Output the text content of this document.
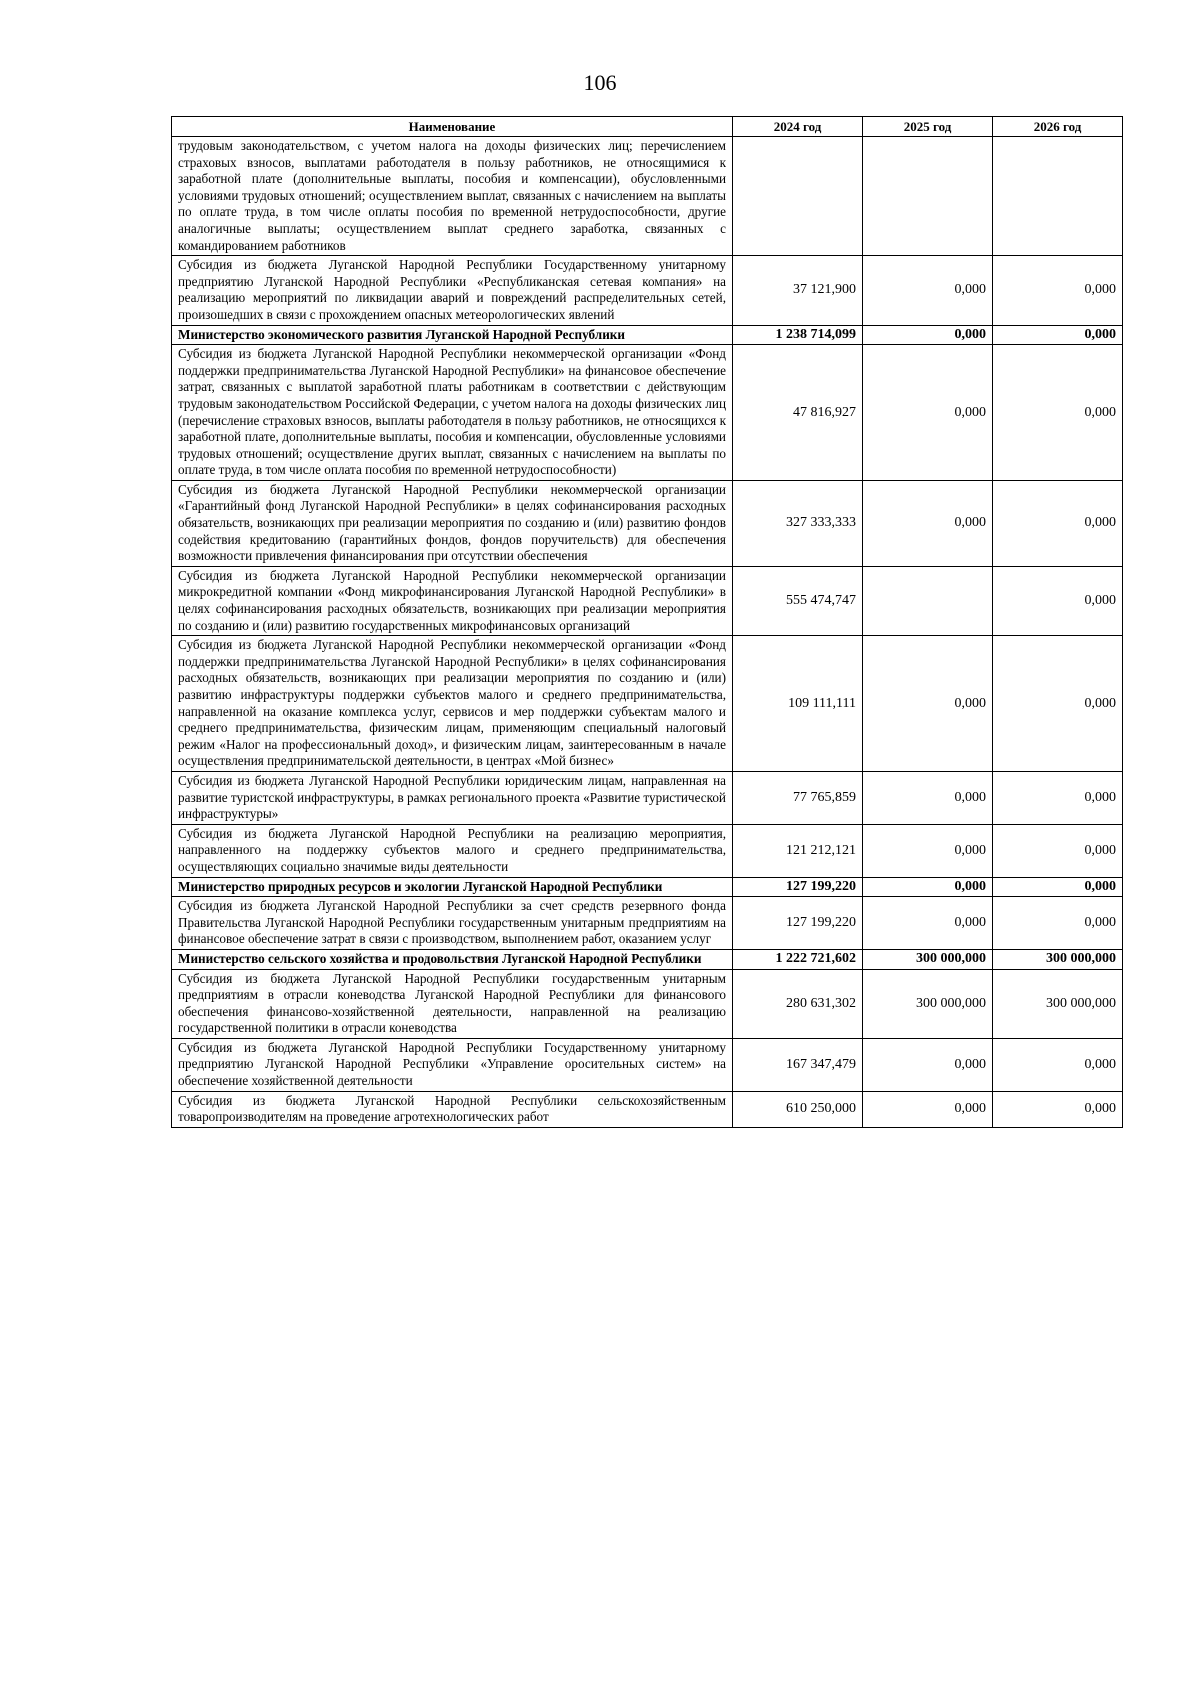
106
Наименование	2024 год	2025 год	2026 год
трудовым законодательством, с учетом налога на доходы физических лиц; перечислением страховых взносов, выплатами работодателя в пользу работников, не относящимися к заработной плате (дополнительные выплаты, пособия и компенсации), обусловленными условиями трудовых отношений; осуществлением выплат, связанных с начислением на выплаты по оплате труда, в том числе оплаты пособия по временной нетрудоспособности, другие аналогичные выплаты; осуществлением выплат среднего заработка, связанных с командированием работников			
Субсидия из бюджета Луганской Народной Республики Государственному унитарному предприятию Луганской Народной Республики «Республиканская сетевая компания» на реализацию мероприятий по ликвидации аварий и повреждений распределительных сетей, произошедших в связи с прохождением опасных метеорологических явлений	37 121,900	0,000	0,000
Министерство экономического развития Луганской Народной Республики	1 238 714,099	0,000	0,000
Субсидия из бюджета Луганской Народной Республики некоммерческой организации «Фонд поддержки предпринимательства Луганской Народной Республики» на финансовое обеспечение затрат, связанных с выплатой заработной платы работникам в соответствии с действующим трудовым законодательством Российской Федерации, с учетом налога на доходы физических лиц (перечисление страховых взносов, выплаты работодателя в пользу работников, не относящихся к заработной плате, дополнительные выплаты, пособия и компенсации, обусловленные условиями трудовых отношений; осуществление других выплат, связанных с начислением на выплаты по оплате труда, в том числе оплата пособия по временной нетрудоспособности)	47 816,927	0,000	0,000
Субсидия из бюджета Луганской Народной Республики некоммерческой организации «Гарантийный фонд Луганской Народной Республики» в целях софинансирования расходных обязательств, возникающих при реализации мероприятия по созданию и (или) развитию фондов содействия кредитованию (гарантийных фондов, фондов поручительств) для обеспечения возможности привлечения финансирования при отсутствии обеспечения	327 333,333	0,000	0,000
Субсидия из бюджета Луганской Народной Республики некоммерческой организации микрокредитной компании «Фонд микрофинансирования Луганской Народной Республики» в целях софинансирования расходных обязательств, возникающих при реализации мероприятия по созданию и (или) развитию государственных микрофинансовых организаций	555 474,747		0,000
Субсидия из бюджета Луганской Народной Республики некоммерческой организации «Фонд поддержки предпринимательства Луганской Народной Республики» в целях софинансирования расходных обязательств, возникающих при реализации мероприятия по созданию и (или) развитию инфраструктуры поддержки субъектов малого и среднего предпринимательства, направленной на оказание комплекса услуг, сервисов и мер поддержки субъектам малого и среднего предпринимательства, физическим лицам, применяющим специальный налоговый режим «Налог на профессиональный доход», и физическим лицам, заинтересованным в начале осуществления предпринимательской деятельности, в центрах «Мой бизнес»	109 111,111	0,000	0,000
Субсидия из бюджета Луганской Народной Республики юридическим лицам, направленная на развитие туристской инфраструктуры, в рамках регионального проекта «Развитие туристической инфраструктуры»	77 765,859	0,000	0,000
Субсидия из бюджета Луганской Народной Республики на реализацию мероприятия, направленного на поддержку субъектов малого и среднего предпринимательства, осуществляющих социально значимые виды деятельности	121 212,121	0,000	0,000
Министерство природных ресурсов и экологии Луганской Народной Республики	127 199,220	0,000	0,000
Субсидия из бюджета Луганской Народной Республики за счет средств резервного фонда Правительства Луганской Народной Республики государственным унитарным предприятиям на финансовое обеспечение затрат в связи с производством, выполнением работ, оказанием услуг	127 199,220	0,000	0,000
Министерство сельского хозяйства и продовольствия Луганской Народной Республики	1 222 721,602	300 000,000	300 000,000
Субсидия из бюджета Луганской Народной Республики государственным унитарным предприятиям в отрасли коневодства Луганской Народной Республики для финансового обеспечения финансово-хозяйственной деятельности, направленной на реализацию государственной политики в отрасли коневодства	280 631,302	300 000,000	300 000,000
Субсидия из бюджета Луганской Народной Республики Государственному унитарному предприятию Луганской Народной Республики «Управление оросительных систем» на обеспечение хозяйственной деятельности	167 347,479	0,000	0,000
Субсидия из бюджета Луганской Народной Республики сельскохозяйственным товаропроизводителям на проведение агротехнологических работ	610 250,000	0,000	0,000
